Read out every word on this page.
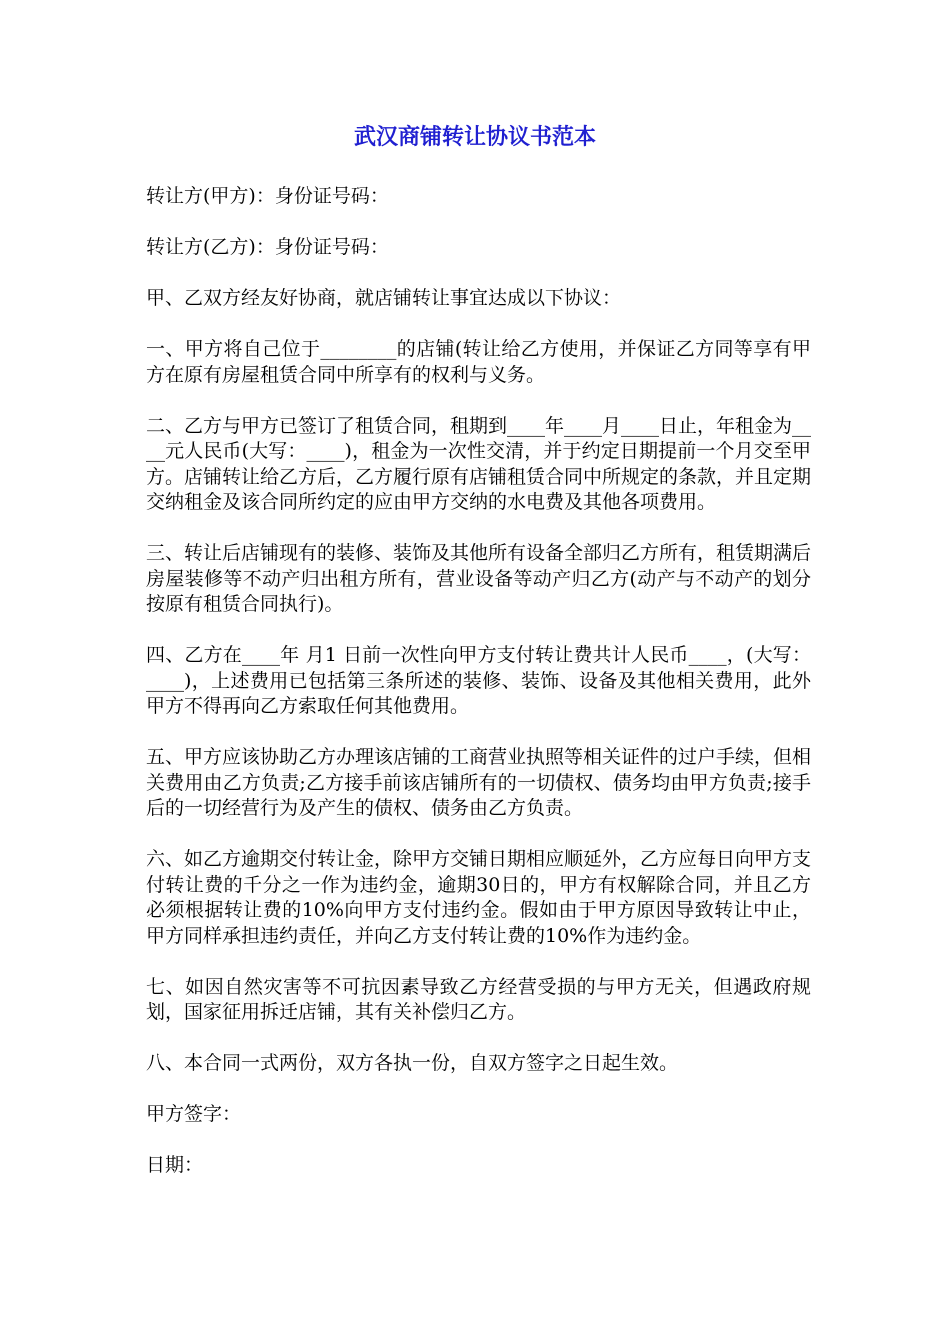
武汉商铺转让协议书范本

转让方(甲方)：身份证号码：

转让方(乙方)：身份证号码：

甲、乙双方经友好协商，就店铺转让事宜达成以下协议：

一、甲方将自己位于________的店铺(转让给乙方使用，并保证乙方同等享有甲方在原有房屋租赁合同中所享有的权利与义务。

二、乙方与甲方已签订了租赁合同，租期到____年____月____日止，年租金为____元人民币(大写：____)，租金为一次性交清，并于约定日期提前一个月交至甲方。店铺转让给乙方后，乙方履行原有店铺租赁合同中所规定的条款，并且定期交纳租金及该合同所约定的应由甲方交纳的水电费及其他各项费用。

三、转让后店铺现有的装修、装饰及其他所有设备全部归乙方所有，租赁期满后房屋装修等不动产归出租方所有，营业设备等动产归乙方(动产与不动产的划分按原有租赁合同执行)。

四、乙方在____年 月1 日前一次性向甲方支付转让费共计人民币____，(大写：____)，上述费用已包括第三条所述的装修、装饰、设备及其他相关费用，此外甲方不得再向乙方索取任何其他费用。

五、甲方应该协助乙方办理该店铺的工商营业执照等相关证件的过户手续，但相关费用由乙方负责;乙方接手前该店铺所有的一切债权、债务均由甲方负责;接手后的一切经营行为及产生的债权、债务由乙方负责。

六、如乙方逾期交付转让金，除甲方交铺日期相应顺延外，乙方应每日向甲方支付转让费的千分之一作为违约金，逾期30日的，甲方有权解除合同，并且乙方必须根据转让费的10%向甲方支付违约金。假如由于甲方原因导致转让中止，甲方同样承担违约责任，并向乙方支付转让费的10%作为违约金。

七、如因自然灾害等不可抗因素导致乙方经营受损的与甲方无关，但遇政府规划，国家征用拆迁店铺，其有关补偿归乙方。

八、本合同一式两份，双方各执一份，自双方签字之日起生效。

甲方签字：

日期：
